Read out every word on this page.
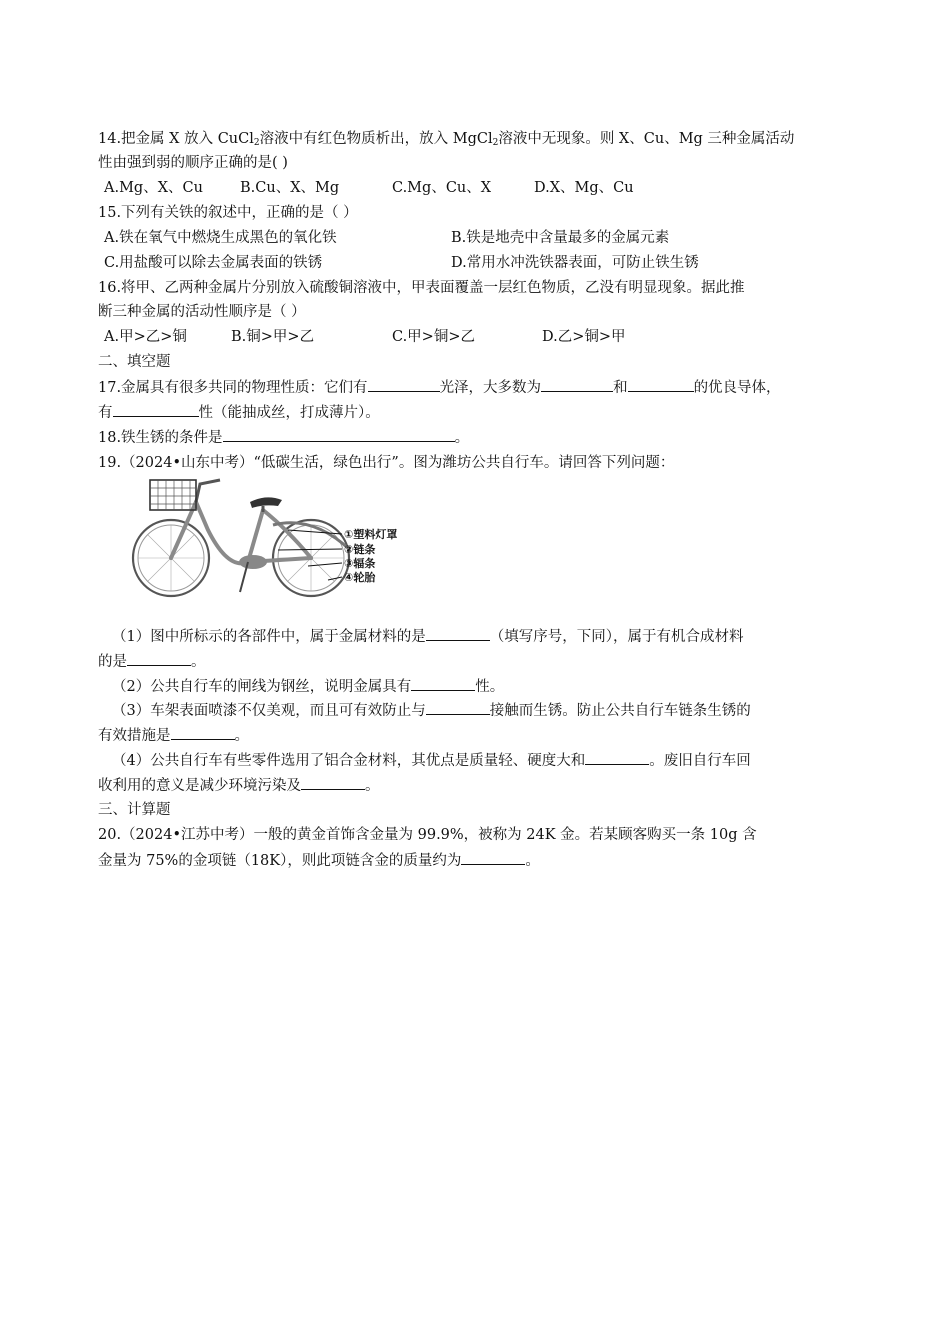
14.把金属 X 放入 CuCl$_2$溶液中有红色物质析出，放入 MgCl$_2$溶液中无现象。则 X、Cu、Mg 三种金属活动
性由强到弱的顺序正确的是( )
A.Mg、X、Cu	B.Cu、X、Mg	C.Mg、Cu、X	D.X、Mg、Cu
15.下列有关铁的叙述中，正确的是（ ）
A.铁在氧气中燃烧生成黑色的氧化铁	B.铁是地壳中含量最多的金属元素
C.用盐酸可以除去金属表面的铁锈	D.常用水冲洗铁器表面，可防止铁生锈
16.将甲、乙两种金属片分别放入硫酸铜溶液中，甲表面覆盖一层红色物质，乙没有明显现象。据此推
断三种金属的活动性顺序是（ ）
A.甲>乙>铜	B.铜>甲>乙	C.甲>铜>乙	D.乙>铜>甲
二、填空题
17.金属具有很多共同的物理性质：它们有	光泽，大多数为	和	的优良导体，
有	性（能抽成丝，打成薄片）。
18.铁生锈的条件是	。
19.（2024•山东中考）“低碳生活，绿色出行”。图为潍坊公共自行车。请回答下列问题：
①塑料灯罩
②链条
③辐条
④轮胎
（1）图中所标示的各部件中，属于金属材料的是	（填写序号，下同），属于有机合成材料
的是	。
（2）公共自行车的闸线为钢丝，说明金属具有	性。
（3）车架表面喷漆不仅美观，而且可有效防止与	接触而生锈。防止公共自行车链条生锈的
有效措施是	。
（4）公共自行车有些零件选用了铝合金材料，其优点是质量轻、硬度大和	。废旧自行车回
收利用的意义是减少环境污染及	。
三、计算题
20.（2024•江苏中考）一般的黄金首饰含金量为 99.9%，被称为 24K 金。若某顾客购买一条 10g 含
金量为 75%的金项链（18K），则此项链含金的质量约为	。
